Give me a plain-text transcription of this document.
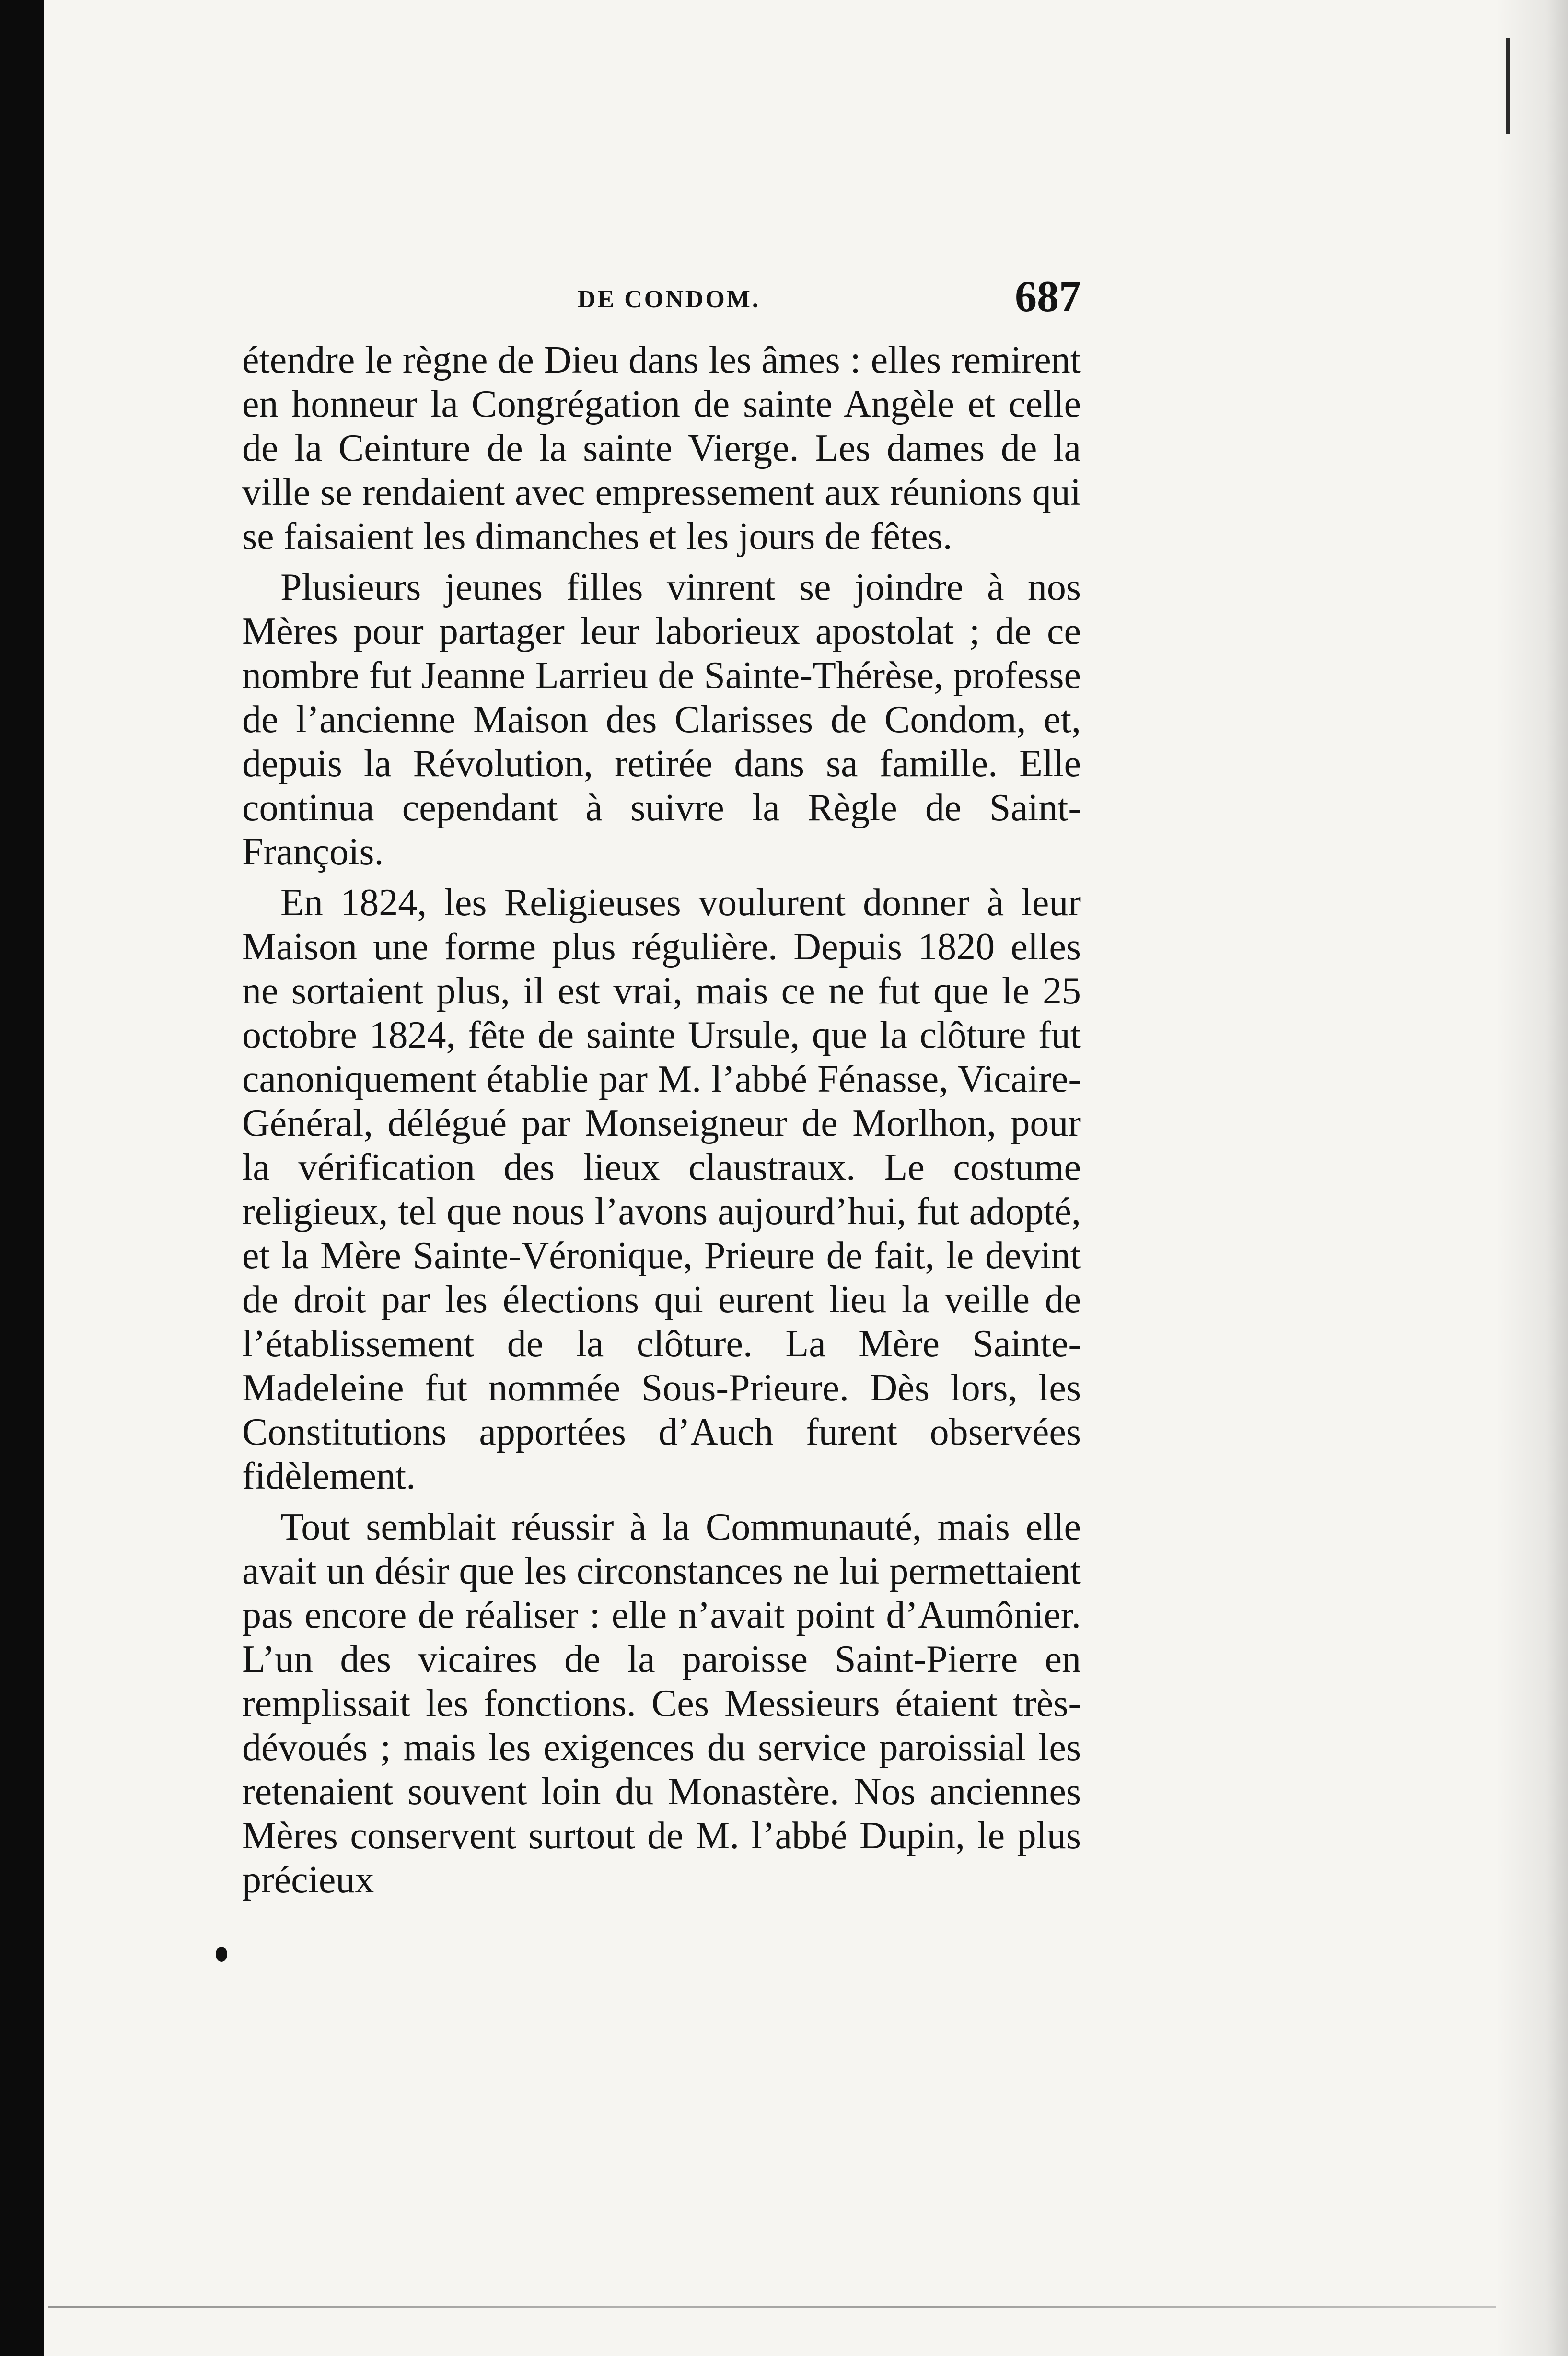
DE CONDOM.	687

étendre le règne de Dieu dans les âmes : elles remirent en honneur la Congrégation de sainte Angèle et celle de la Ceinture de la sainte Vierge. Les dames de la ville se rendaient avec empressement aux réunions qui se faisaient les dimanches et les jours de fêtes.

Plusieurs jeunes filles vinrent se joindre à nos Mères pour partager leur laborieux apostolat ; de ce nombre fut Jeanne Larrieu de Sainte-Thérèse, professe de l’ancienne Maison des Clarisses de Condom, et, depuis la Révolution, retirée dans sa famille. Elle continua cependant à suivre la Règle de Saint-François.

En 1824, les Religieuses voulurent donner à leur Maison une forme plus régulière. Depuis 1820 elles ne sortaient plus, il est vrai, mais ce ne fut que le 25 octobre 1824, fête de sainte Ursule, que la clôture fut canoniquement établie par M. l’abbé Fénasse, Vicaire-Général, délégué par Monseigneur de Morlhon, pour la vérification des lieux claustraux. Le costume religieux, tel que nous l’avons aujourd’hui, fut adopté, et la Mère Sainte-Véronique, Prieure de fait, le devint de droit par les élections qui eurent lieu la veille de l’établissement de la clôture. La Mère Sainte-Madeleine fut nommée Sous-Prieure. Dès lors, les Constitutions apportées d’Auch furent observées fidèlement.

Tout semblait réussir à la Communauté, mais elle avait un désir que les circonstances ne lui permettaient pas encore de réaliser : elle n’avait point d’Aumônier. L’un des vicaires de la paroisse Saint-Pierre en remplissait les fonctions. Ces Messieurs étaient très-dévoués ; mais les exigences du service paroissial les retenaient souvent loin du Monastère. Nos anciennes Mères conservent surtout de M. l’abbé Dupin, le plus précieux
